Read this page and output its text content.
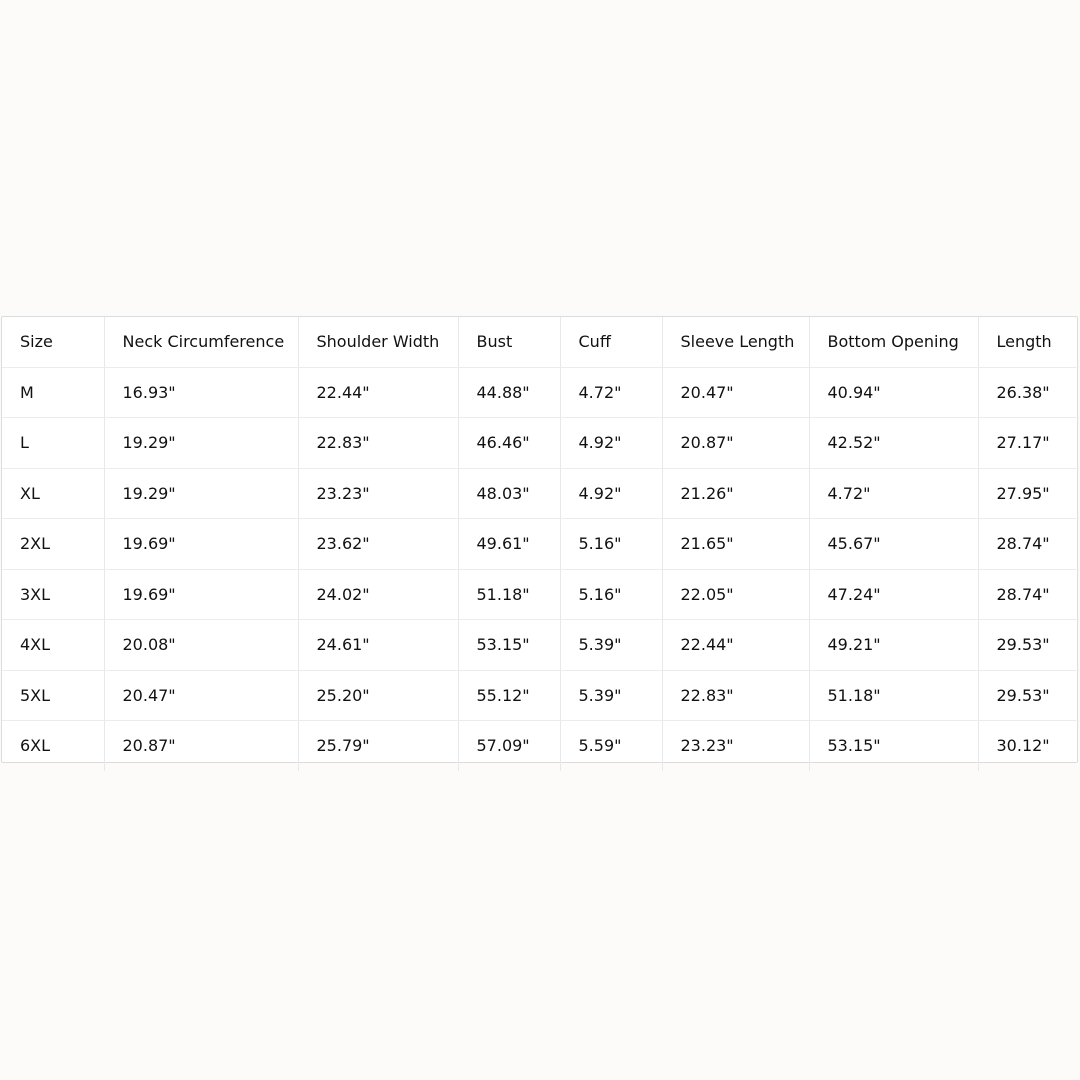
Size	Neck Circumference	Shoulder Width	Bust	Cuff	Sleeve Length	Bottom Opening	Length
M	16.93"	22.44"	44.88"	4.72"	20.47"	40.94"	26.38"
L	19.29"	22.83"	46.46"	4.92"	20.87"	42.52"	27.17"
XL	19.29"	23.23"	48.03"	4.92"	21.26"	4.72"	27.95"
2XL	19.69"	23.62"	49.61"	5.16"	21.65"	45.67"	28.74"
3XL	19.69"	24.02"	51.18"	5.16"	22.05"	47.24"	28.74"
4XL	20.08"	24.61"	53.15"	5.39"	22.44"	49.21"	29.53"
5XL	20.47"	25.20"	55.12"	5.39"	22.83"	51.18"	29.53"
6XL	20.87"	25.79"	57.09"	5.59"	23.23"	53.15"	30.12"
